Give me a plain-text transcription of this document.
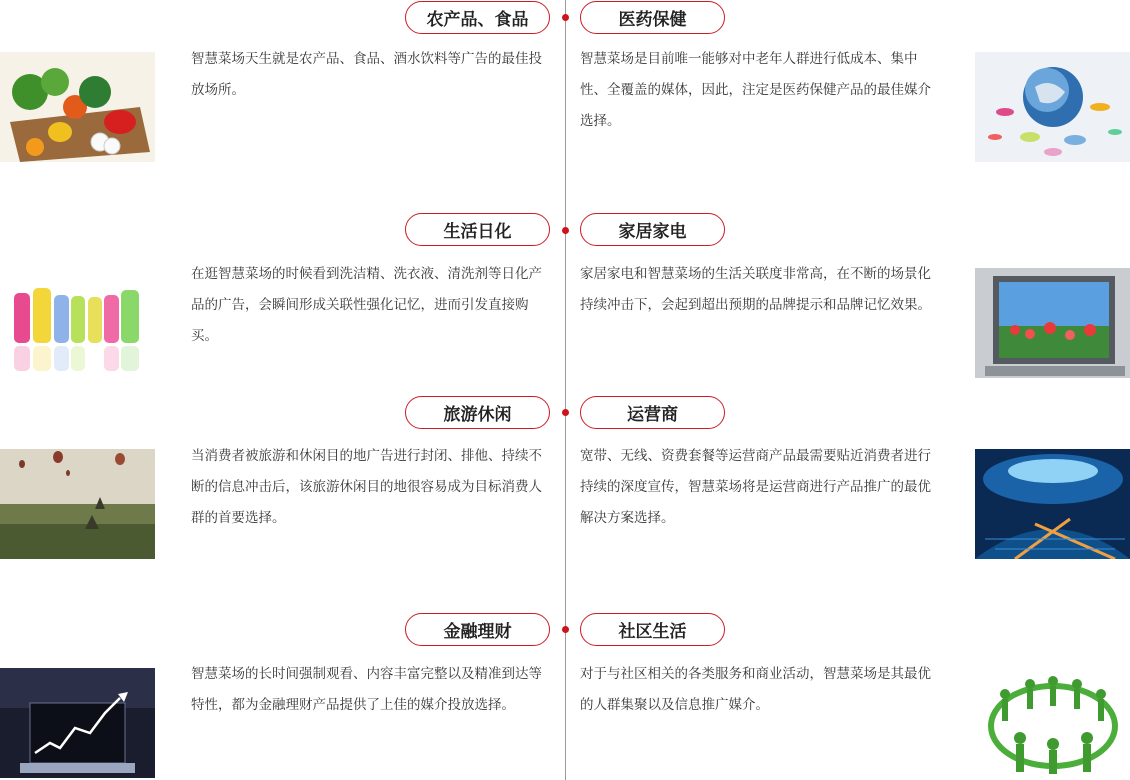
农产品、食品	医药保健

智慧菜场天生就是农产品、食品、酒水饮料等广告的最佳投放场所。

智慧菜场是目前唯一能够对中老年人群进行低成本、集中性、全覆盖的媒体，因此，注定是医药保健产品的最佳媒介选择。

生活日化	家居家电

在逛智慧菜场的时候看到洗洁精、洗衣液、清洗剂等日化产品的广告，会瞬间形成关联性强化记忆，进而引发直接购买。

家居家电和智慧菜场的生活关联度非常高，在不断的场景化持续冲击下，会起到超出预期的品牌提示和品牌记忆效果。

旅游休闲	运营商

当消费者被旅游和休闲目的地广告进行封闭、排他、持续不断的信息冲击后，该旅游休闲目的地很容易成为目标消费人群的首要选择。

宽带、无线、资费套餐等运营商产品最需要贴近消费者进行持续的深度宣传，智慧菜场将是运营商进行产品推广的最优解决方案选择。

金融理财	社区生活

智慧菜场的长时间强制观看、内容丰富完整以及精准到达等特性，都为金融理财产品提供了上佳的媒介投放选择。

对于与社区相关的各类服务和商业活动，智慧菜场是其最优的人群集聚以及信息推广媒介。
